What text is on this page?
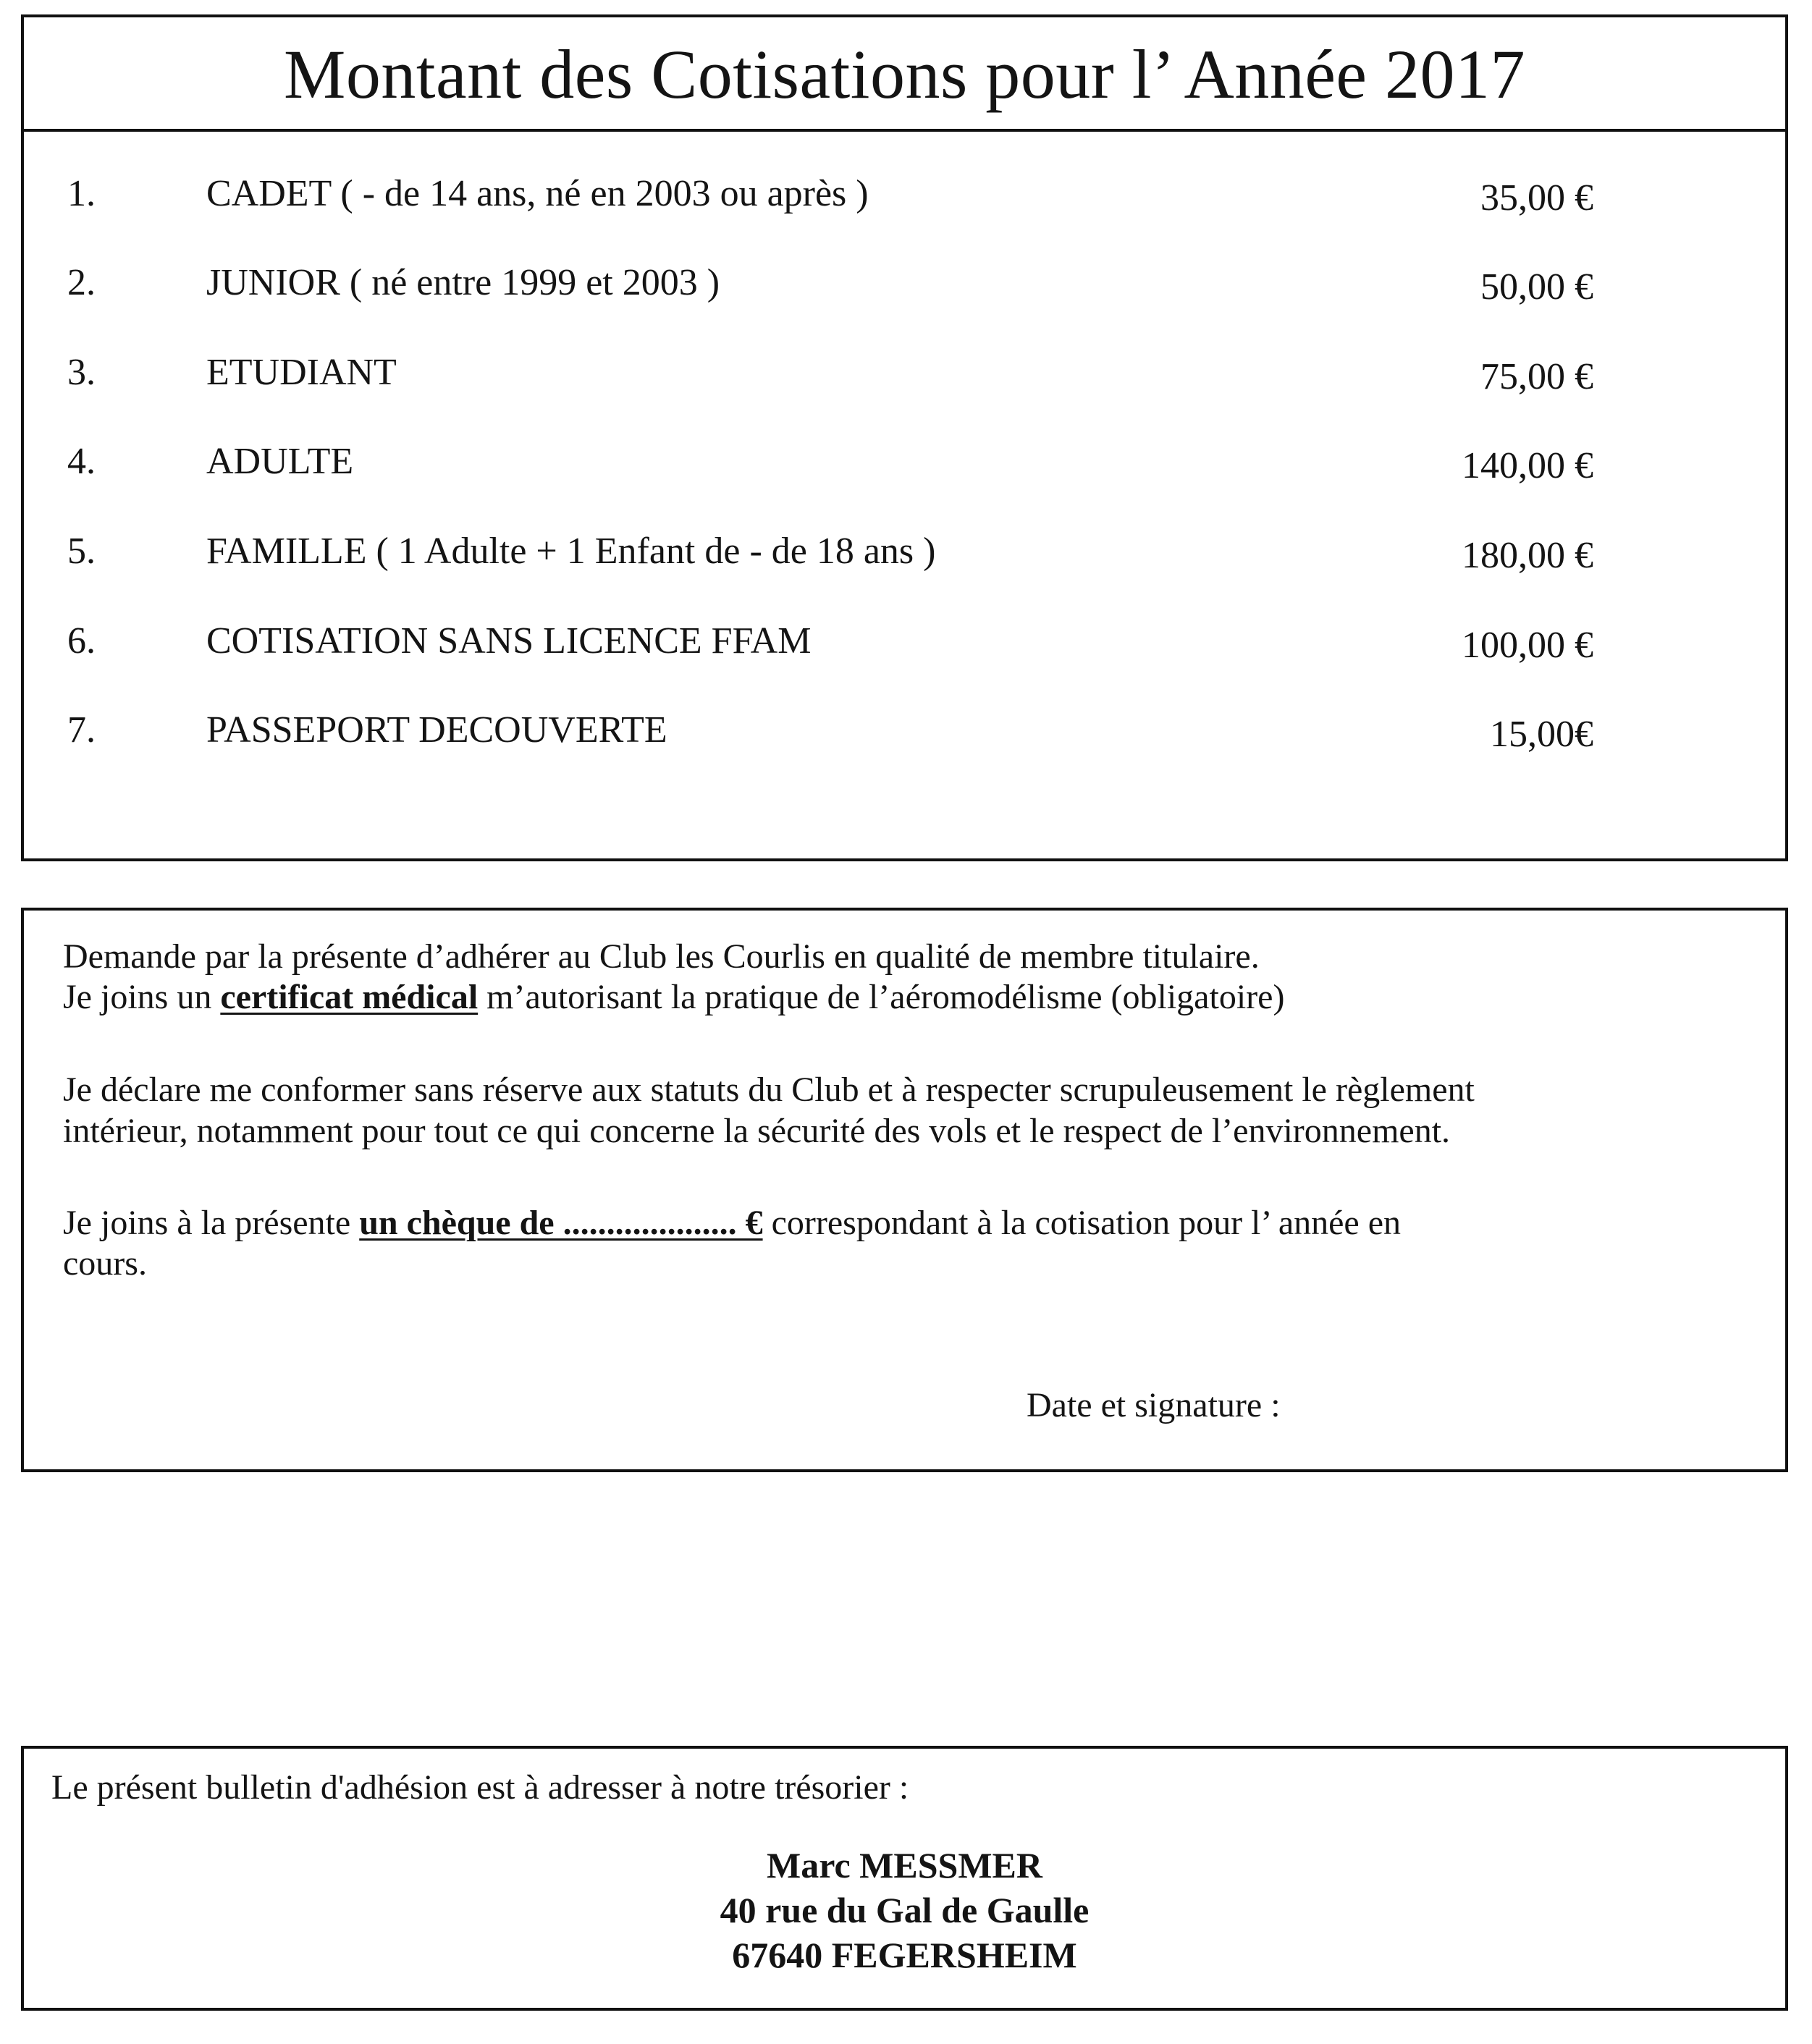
Montant des Cotisations pour l’ Année 2017
1.	CADET ( - de 14 ans, né en 2003 ou après )	35,00 €
2.	JUNIOR ( né entre 1999 et 2003 )	50,00 €
3.	ETUDIANT	75,00 €
4.	ADULTE	140,00 €
5.	FAMILLE ( 1 Adulte + 1 Enfant de - de 18 ans )	180,00 €
6.	COTISATION SANS LICENCE FFAM	100,00 €
7.	PASSEPORT DECOUVERTE	15,00€
Demande par la présente d’adhérer au Club les Courlis en qualité de membre titulaire.
Je joins un certificat médical m’autorisant la pratique de l’aéromodélisme (obligatoire)
Je déclare me conformer sans réserve aux statuts du Club et à respecter scrupuleusement le règlement
intérieur, notamment pour tout ce qui concerne la sécurité des vols et le respect de l’environnement.
Je joins à la présente un chèque de .................... € correspondant à la cotisation pour l’ année en
cours.
Date et signature :
Le présent bulletin d'adhésion est à adresser à notre trésorier :
Marc MESSMER
40 rue du Gal de Gaulle
67640 FEGERSHEIM
